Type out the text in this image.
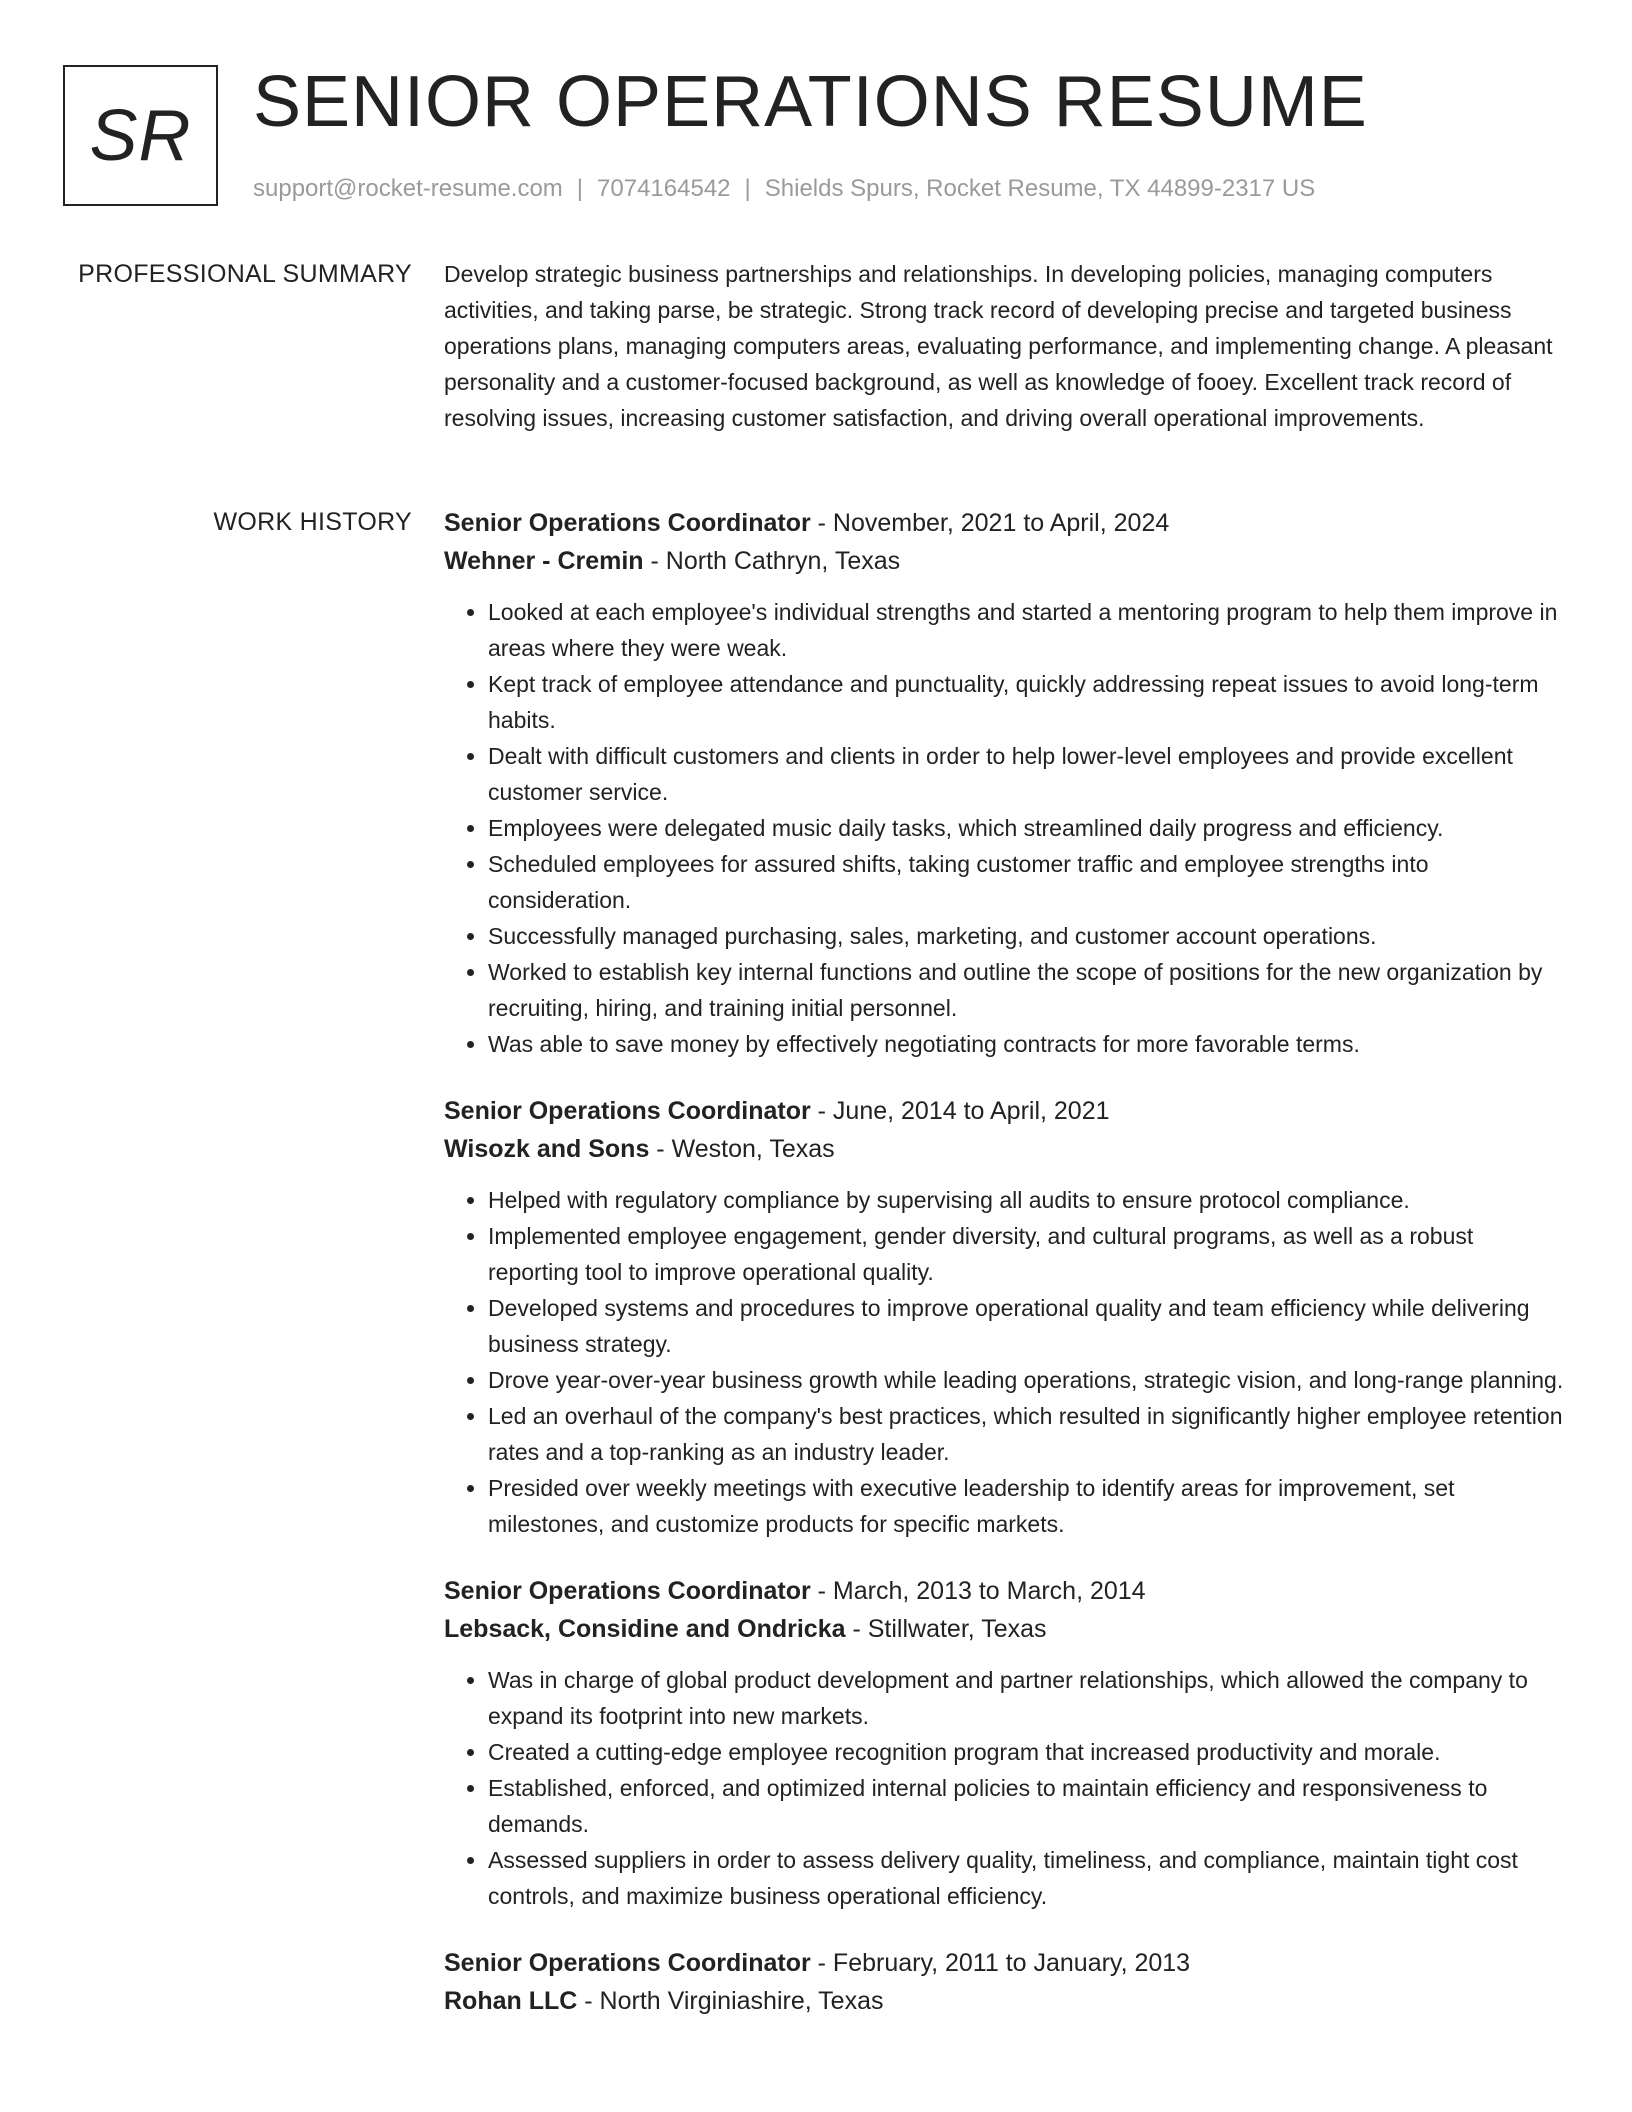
SR SENIOR OPERATIONS RESUME
support@rocket-resume.com | 7074164542 | Shields Spurs, Rocket Resume, TX 44899-2317 US
PROFESSIONAL SUMMARY Develop strategic business partnerships and relationships. In developing policies, managing computers activities, and taking parse, be strategic. Strong track record of developing precise and targeted business operations plans, managing computers areas, evaluating performance, and implementing change. A pleasant personality and a customer-focused background, as well as knowledge of fooey. Excellent track record of resolving issues, increasing customer satisfaction, and driving overall operational improvements.

WORK HISTORY Senior Operations Coordinator - November, 2021 to April, 2024
Wehner - Cremin - North Cathryn, Texas
• Looked at each employee's individual strengths and started a mentoring program to help them improve in areas where they were weak.
• Kept track of employee attendance and punctuality, quickly addressing repeat issues to avoid long-term habits.
• Dealt with difficult customers and clients in order to help lower-level employees and provide excellent customer service.
• Employees were delegated music daily tasks, which streamlined daily progress and efficiency.
• Scheduled employees for assured shifts, taking customer traffic and employee strengths into consideration.
• Successfully managed purchasing, sales, marketing, and customer account operations.
• Worked to establish key internal functions and outline the scope of positions for the new organization by recruiting, hiring, and training initial personnel.
• Was able to save money by effectively negotiating contracts for more favorable terms.
Senior Operations Coordinator - June, 2014 to April, 2021
Wisozk and Sons - Weston, Texas
• Helped with regulatory compliance by supervising all audits to ensure protocol compliance.
• Implemented employee engagement, gender diversity, and cultural programs, as well as a robust reporting tool to improve operational quality.
• Developed systems and procedures to improve operational quality and team efficiency while delivering business strategy.
• Drove year-over-year business growth while leading operations, strategic vision, and long-range planning.
• Led an overhaul of the company's best practices, which resulted in significantly higher employee retention rates and a top-ranking as an industry leader.
• Presided over weekly meetings with executive leadership to identify areas for improvement, set milestones, and customize products for specific markets.
Senior Operations Coordinator - March, 2013 to March, 2014
Lebsack, Considine and Ondricka - Stillwater, Texas
• Was in charge of global product development and partner relationships, which allowed the company to expand its footprint into new markets.
• Created a cutting-edge employee recognition program that increased productivity and morale.
• Established, enforced, and optimized internal policies to maintain efficiency and responsiveness to demands.
• Assessed suppliers in order to assess delivery quality, timeliness, and compliance, maintain tight cost controls, and maximize business operational efficiency.
Senior Operations Coordinator - February, 2011 to January, 2013
Rohan LLC - North Virginiashire, Texas
